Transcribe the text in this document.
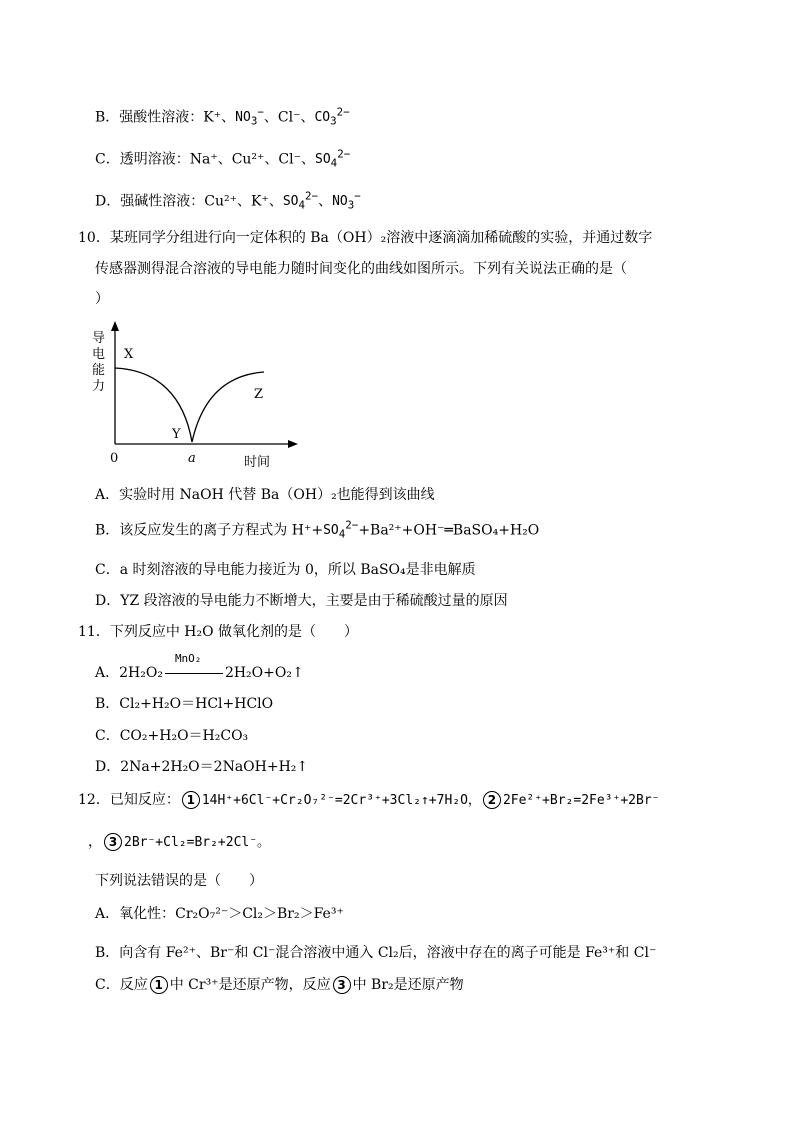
B．强酸性溶液：K⁺、$NO_3^-$、Cl⁻、$CO_3^{2-}$
C．透明溶液：Na⁺、Cu²⁺、Cl⁻、$SO_4^{2-}$
D．强碱性溶液：Cu²⁺、K⁺、$SO_4^{2-}$、$NO_3^-$
10．某班同学分组进行向一定体积的 Ba（OH）₂溶液中逐滴滴加稀硫酸的实验，并通过数字
传感器测得混合溶液的导电能力随时间变化的曲线如图所示。下列有关说法正确的是（
）
导
电
能
力
X
Y
Z
0	a	时间
A．实验时用 NaOH 代替 Ba（OH）₂也能得到该曲线
B．该反应发生的离子方程式为 $H^++SO_4^{2-}+Ba^{2+}+OH^-═BaSO_4+H_2O$
C．a 时刻溶液的导电能力接近为 0，所以 BaSO₄是非电解质
D．YZ 段溶液的导电能力不断增大，主要是由于稀硫酸过量的原因
11．下列反应中 H₂O 做氧化剂的是（　　）
A．2H₂O₂
MnO₂
2H₂O+O₂↑
B．Cl₂+H₂O＝HCl+HClO
C．CO₂+H₂O＝H₂CO₃
D．2Na+2H₂O＝2NaOH+H₂↑
12．已知反应： 1 14H⁺+6Cl⁻+Cr₂O₇²⁻=2Cr³⁺+3Cl₂↑+7H₂O， 2 2Fe²⁺+Br₂=2Fe³⁺+2Br⁻
， 3 2Br⁻+Cl₂=Br₂+2Cl⁻。
下列说法错误的是（　　）
A．氧化性：Cr₂O₇²⁻＞Cl₂＞Br₂＞Fe³⁺
B．向含有 Fe²⁺、Br⁻和 Cl⁻混合溶液中通入 Cl₂后，溶液中存在的离子可能是 Fe³⁺和 Cl⁻
C．反应 1 中 Cr³⁺是还原产物，反应 3 中 Br₂是还原产物
